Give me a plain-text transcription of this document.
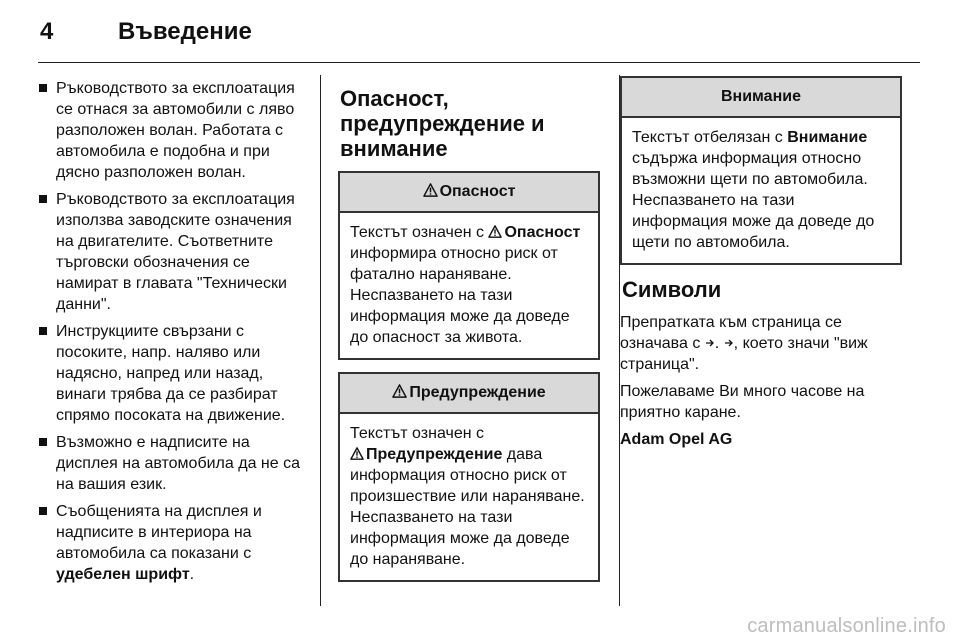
4	Въведение
Ръководството за експлоатация се отнася за автомобили с ляво разположен волан. Работата с автомобила е подобна и при дясно разположен волан.
Ръководството за експлоатация използва заводските означения на двигателите. Съответните търговски обозначения се намират в главата "Технически данни".
Инструкциите свързани с посоките, напр. наляво или надясно, напред или назад, винаги трябва да се разбират спрямо посоката на движение.
Възможно е надписите на дисплея на автомобила да не са на вашия език.
Съобщенията на дисплея и надписите в интериора на автомобила са показани с удебелен шрифт.
Опасност, предупреждение и внимание
Опасност
Текстът означен с Опасност информира относно риск от фатално нараняване. Неспазването на тази информация може да доведе до опасност за живота.
Предупреждение
Текстът означен с
Предупреждение дава информация относно риск от произшествие или нараняване. Неспазването на тази информация може да доведе до нараняване.
Внимание
Текстът отбелязан с Внимание съдържа информация относно възможни щети по автомобила. Неспазването на тази информация може да доведе до щети по автомобила.
Символи

Препратката към страница се означава с . , което значи "виж страница".

Пожелаваме Ви много часове на приятно каране.

Adam Opel AG

carmanualsonline.info
